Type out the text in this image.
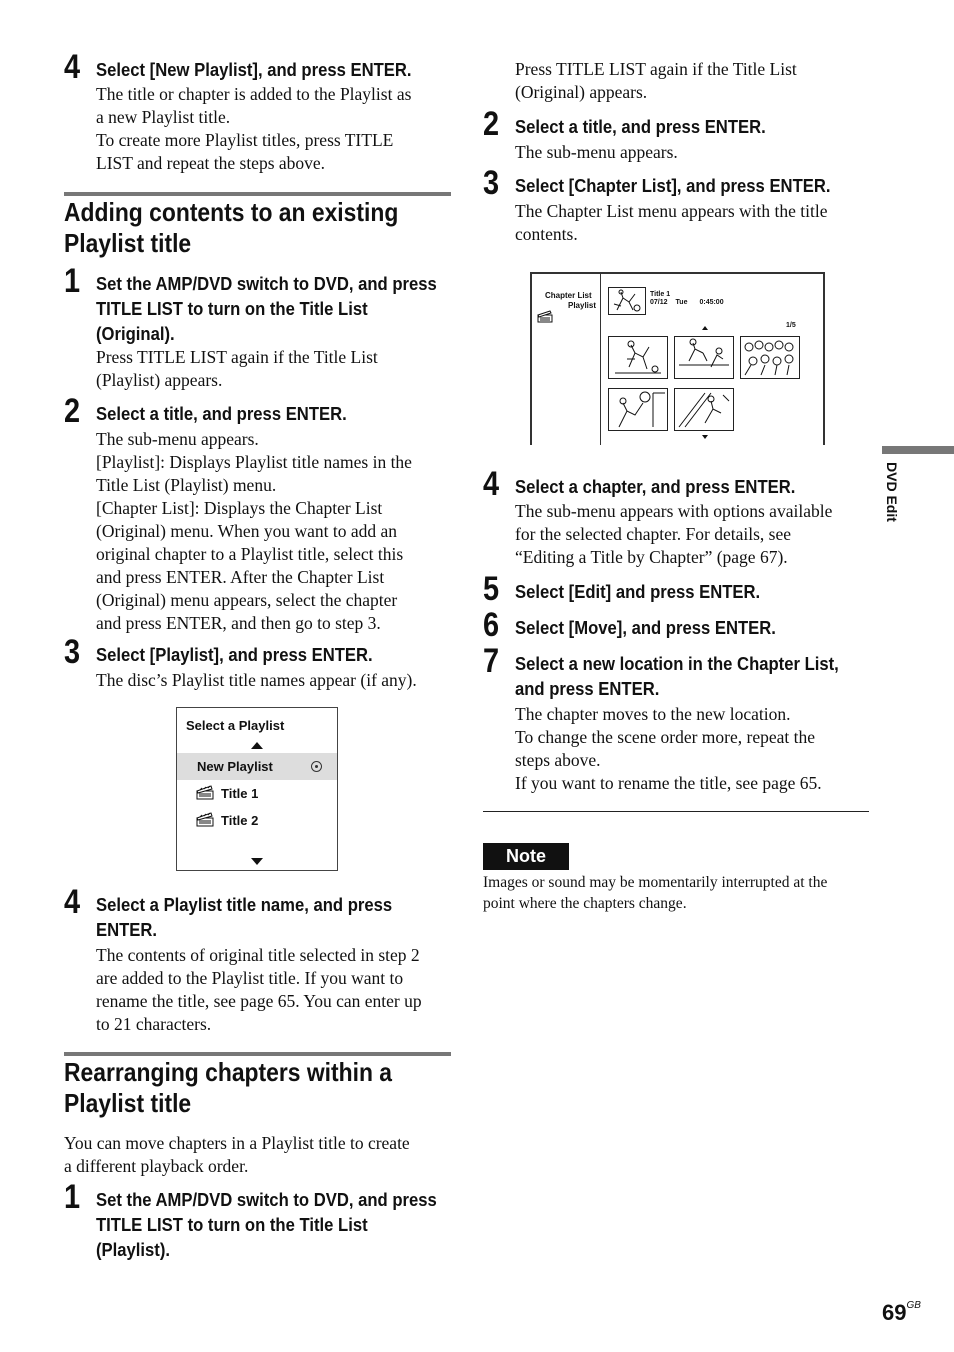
4 Select [New Playlist], and press ENTER.
The title or chapter is added to the Playlist as
a new Playlist title.
To create more Playlist titles, press TITLE
LIST and repeat the steps above.
Adding contents to an existing
Playlist title
1 Set the AMP/DVD switch to DVD, and press
TITLE LIST to turn on the Title List
(Original).
Press TITLE LIST again if the Title List
(Playlist) appears.
2 Select a title, and press ENTER.
The sub-menu appears.
[Playlist]: Displays Playlist title names in the
Title List (Playlist) menu.
[Chapter List]: Displays the Chapter List
(Original) menu. When you want to add an
original chapter to a Playlist title, select this
and press ENTER. After the Chapter List
(Original) menu appears, select the chapter
and press ENTER, and then go to step 3.
3 Select [Playlist], and press ENTER.
The disc’s Playlist title names appear (if any).
Select a Playlist
New Playlist
Title 1
Title 2
4 Select a Playlist title name, and press
ENTER.
The contents of original title selected in step 2
are added to the Playlist title. If you want to
rename the title, see page 65. You can enter up
to 21 characters.
Rearranging chapters within a
Playlist title
You can move chapters in a Playlist title to create
a different playback order.
1 Set the AMP/DVD switch to DVD, and press
TITLE LIST to turn on the Title List
(Playlist).
Press TITLE LIST again if the Title List
(Original) appears.
2 Select a title, and press ENTER.
The sub-menu appears.
3 Select [Chapter List], and press ENTER.
The Chapter List menu appears with the title
contents.
Chapter List
Playlist
Title 1
07/12 Tue 0:45:00
1/5
4 Select a chapter, and press ENTER.
The sub-menu appears with options available
for the selected chapter. For details, see
“Editing a Title by Chapter” (page 67).
5 Select [Edit] and press ENTER.
6 Select [Move], and press ENTER.
7 Select a new location in the Chapter List,
and press ENTER.
The chapter moves to the new location.
To change the scene order more, repeat the
steps above.
If you want to rename the title, see page 65.
Note
Images or sound may be momentarily interrupted at the
point where the chapters change.
DVD Edit
$69^{GB}$
